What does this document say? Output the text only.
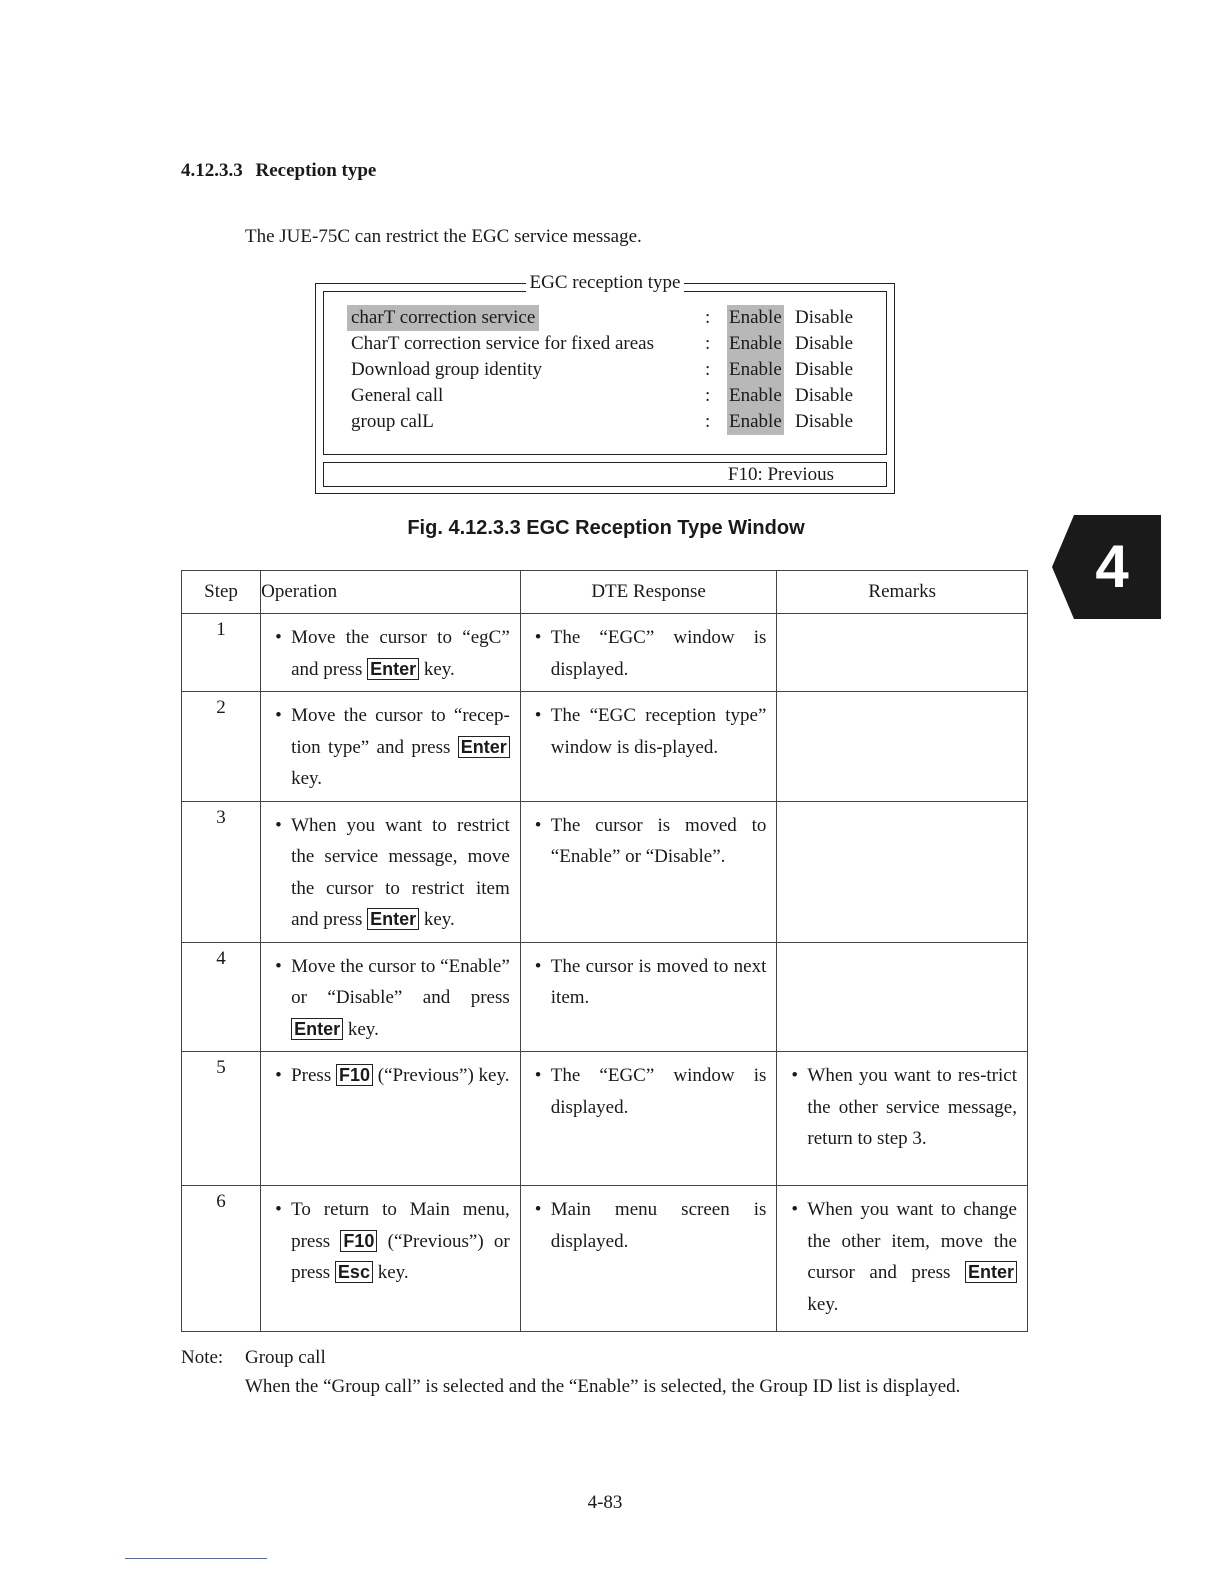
4.12.3.3 Reception type
The JUE-75C can restrict the EGC service message.
EGC reception type
charT correction service	: Enable Disable
CharT correction service for fixed areas	: Enable Disable
Download group identity	: Enable Disable
General call	: Enable Disable
group calL	: Enable Disable
F10: Previous
Fig. 4.12.3.3 EGC Reception Type Window
4
Step	Operation	DTE Response	Remarks
1	• Move the cursor to “egC” and press Enter key.	• The “EGC” window is displayed.

2	• Move the cursor to “recep-tion type” and press Enter key.	• The “EGC reception type” window is dis-played.

3	• When you want to restrict the service message, move the cursor to restrict item and press Enter key.	• The cursor is moved to “Enable” or “Disable”.

4	• Move the cursor to “Enable” or “Disable” and press Enter key.	• The cursor is moved to next item.

5	• Press F10 (“Previous”) key.	• The “EGC” window is displayed.	• When you want to res-trict the other service message, return to step 3.

6	• To return to Main menu, press F10 (“Previous”) or press Esc key.	• Main menu screen is displayed.	• When you want to change the other item, move the cursor and press Enter key.
Note: Group call
When the “Group call” is selected and the “Enable” is selected, the Group ID list is displayed.
4-83
